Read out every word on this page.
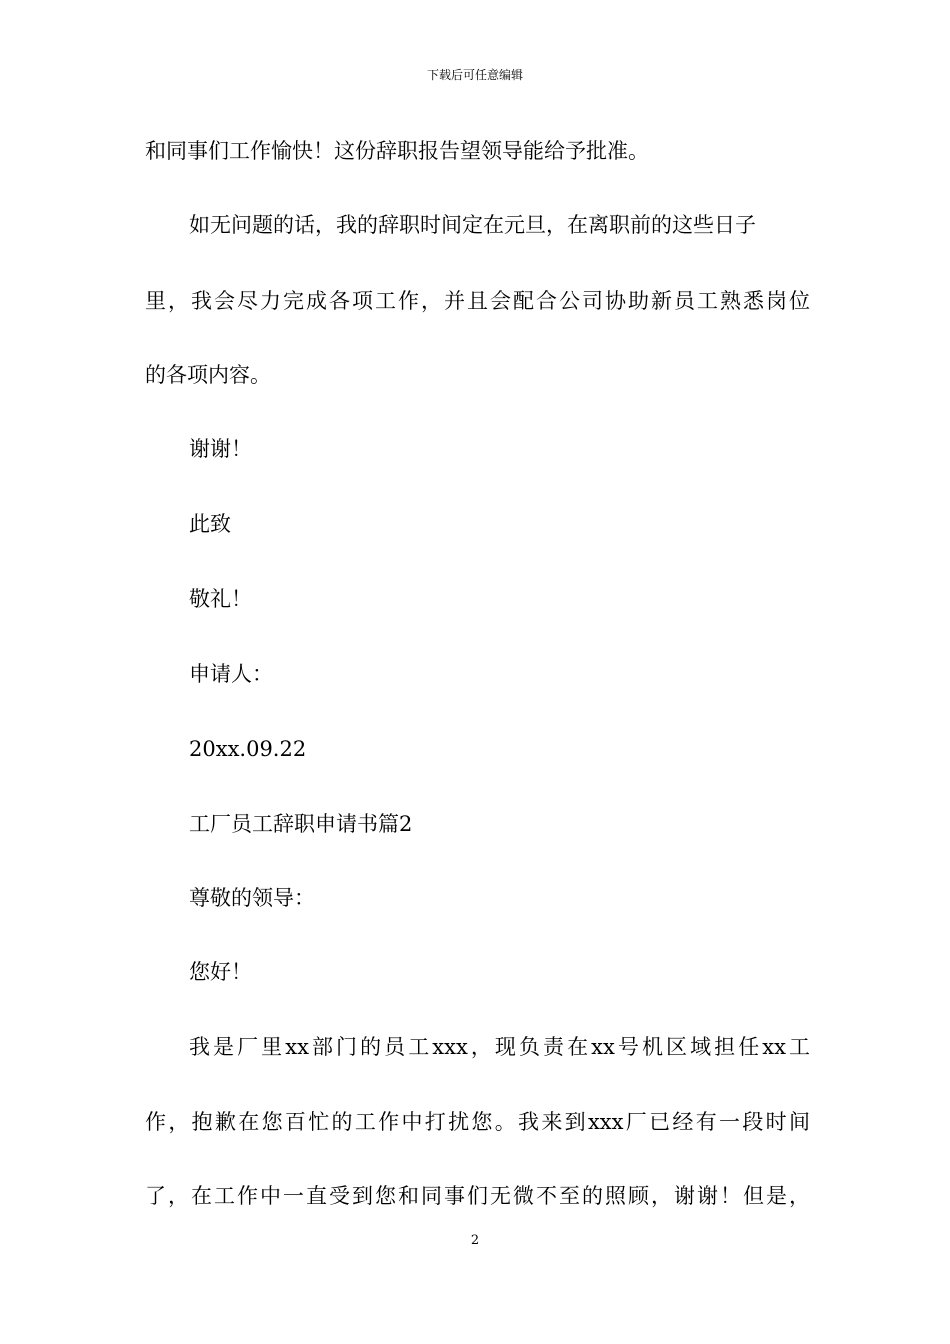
下载后可任意编辑
和同事们工作愉快！这份辞职报告望领导能给予批准。
如无问题的话，我的辞职时间定在元旦，在离职前的这些日子
里，我会尽力完成各项工作，并且会配合公司协助新员工熟悉岗位
的各项内容。
谢谢！
此致
敬礼！
申请人：
20xx.09.22
工厂员工辞职申请书篇2
尊敬的领导：
您好！
我是厂里xx部门的员工xxx，现负责在xx号机区域担任xx工
作，抱歉在您百忙的工作中打扰您。我来到xxx厂已经有一段时间
了，在工作中一直受到您和同事们无微不至的照顾，谢谢！但是，
2
